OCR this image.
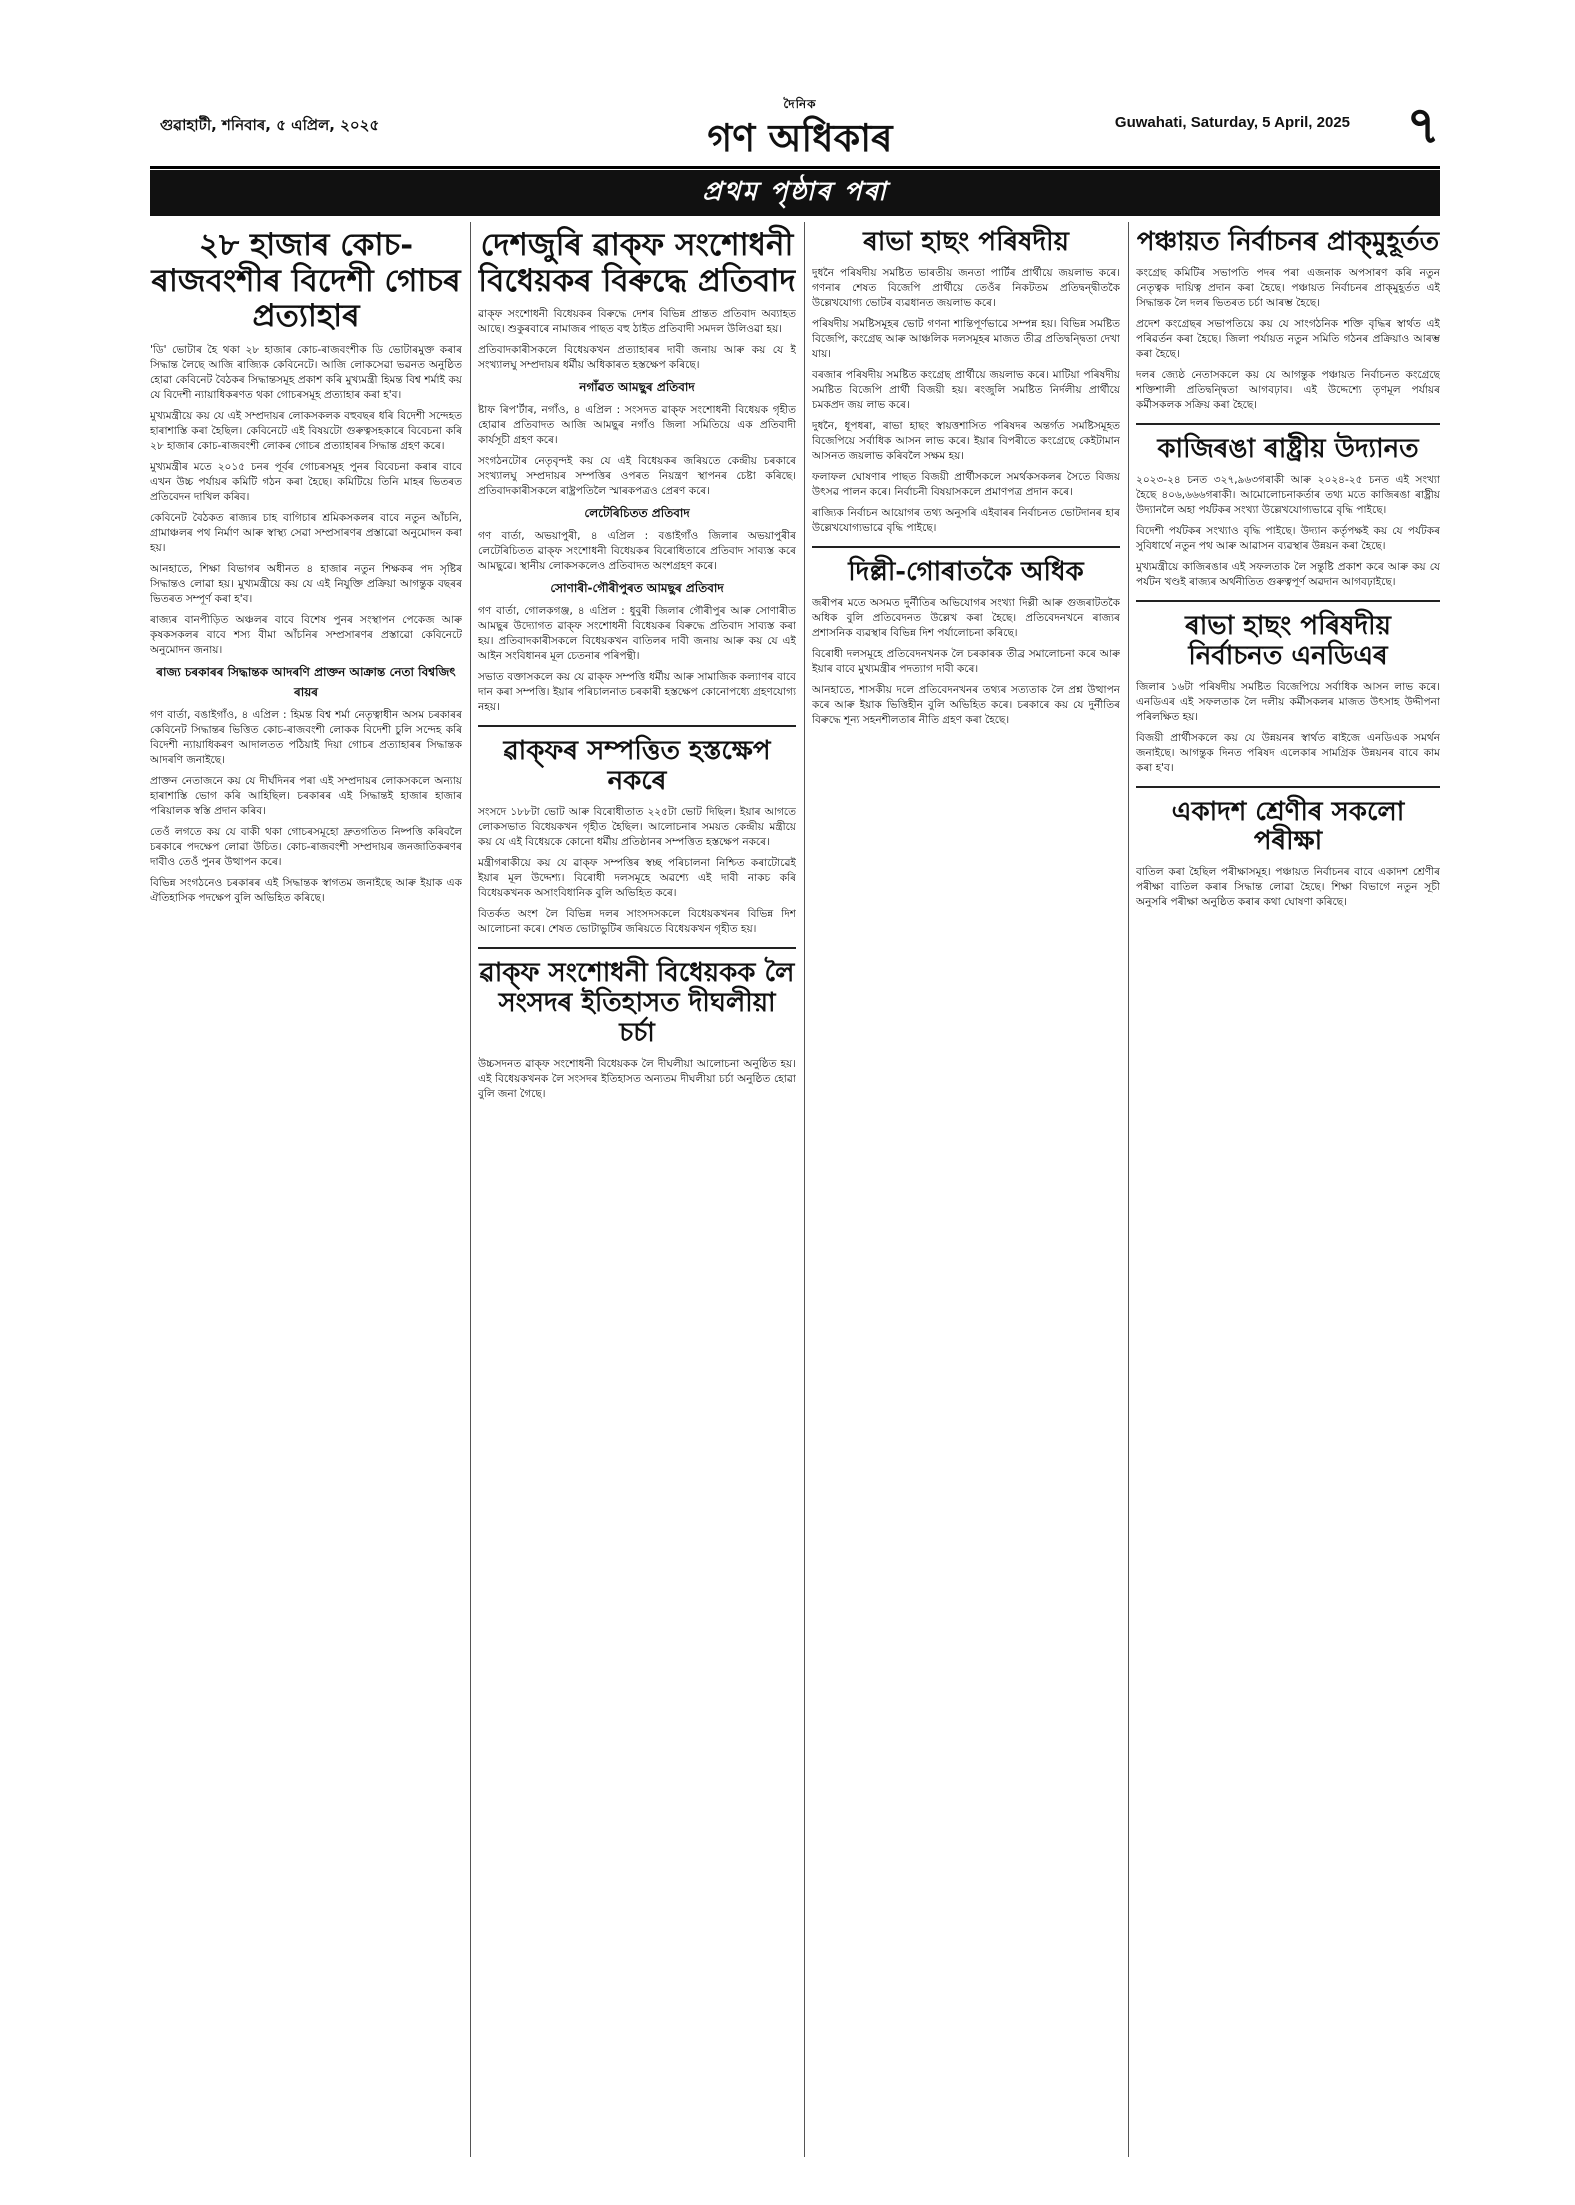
গুৱাহাটী, শনিবাৰ, ৫ এপ্ৰিল, ২০২৫
দৈনিক
গণ অধিকাৰ	Guwahati, Saturday, 5 April, 2025 ৭
প্ৰথম পৃষ্ঠাৰ পৰা
২৮ হাজাৰ কোচ-ৰাজবংশীৰ বিদেশী গোচৰ প্ৰত্যাহাৰ

'ডি' ভোটাৰ হৈ থকা ২৮ হাজাৰ কোচ-ৰাজবংশীক ডি ভোটাৰমুক্ত কৰাৰ সিদ্ধান্ত লৈছে আজি ৰাজ্যিক কেবিনেটে। আজি লোকসেৱা ভৱনত অনুষ্ঠিত হোৱা কেবিনেট বৈঠকৰ সিদ্ধান্তসমূহ প্ৰকাশ কৰি মুখ্যমন্ত্ৰী হিমন্ত বিশ্ব শৰ্মাই কয় যে বিদেশী ন্যায়াধিকৰণত থকা গোচৰসমূহ প্ৰত্যাহাৰ কৰা হ'ব।

মুখ্যমন্ত্ৰীয়ে কয় যে এই সম্প্ৰদায়ৰ লোকসকলক বহুবছৰ ধৰি বিদেশী সন্দেহত হাৰাশাস্তি কৰা হৈছিল। কেবিনেটে এই বিষয়টো গুৰুত্বসহকাৰে বিবেচনা কৰি ২৮ হাজাৰ কোচ-ৰাজবংশী লোকৰ গোচৰ প্ৰত্যাহাৰৰ সিদ্ধান্ত গ্ৰহণ কৰে।

মুখ্যমন্ত্ৰীৰ মতে ২০১৫ চনৰ পূৰ্বৰ গোচৰসমূহ পুনৰ বিবেচনা কৰাৰ বাবে এখন উচ্চ পৰ্যায়ৰ কমিটি গঠন কৰা হৈছে। কমিটিয়ে তিনি মাহৰ ভিতৰত প্ৰতিবেদন দাখিল কৰিব।

কেবিনেট বৈঠকত ৰাজ্যৰ চাহ বাগিচাৰ শ্ৰমিকসকলৰ বাবে নতুন আঁচনি, গ্ৰামাঞ্চলৰ পথ নিৰ্মাণ আৰু স্বাস্থ্য সেৱা সম্প্ৰসাৰণৰ প্ৰস্তাৱো অনুমোদন কৰা হয়।

আনহাতে, শিক্ষা বিভাগৰ অধীনত ৪ হাজাৰ নতুন শিক্ষকৰ পদ সৃষ্টিৰ সিদ্ধান্তও লোৱা হয়। মুখ্যমন্ত্ৰীয়ে কয় যে এই নিযুক্তি প্ৰক্ৰিয়া আগন্তুক বছৰৰ ভিতৰত সম্পূৰ্ণ কৰা হ'ব।

ৰাজ্যৰ বানপীড়িত অঞ্চলৰ বাবে বিশেষ পুনৰ সংস্থাপন পেকেজ আৰু কৃষকসকলৰ বাবে শস্য বীমা আঁচনিৰ সম্প্ৰসাৰণৰ প্ৰস্তাৱো কেবিনেটে অনুমোদন জনায়।

ৰাজ্য চৰকাৰৰ সিদ্ধান্তক আদৰণি প্ৰাক্তন আক্ৰান্ত নেতা বিশ্বজিৎ ৰায়ৰ

গণ বাৰ্তা, বঙাইগাঁও, ৪ এপ্ৰিল : হিমন্ত বিশ্ব শৰ্মা নেতৃত্বাধীন অসম চৰকাৰৰ কেবিনেট সিদ্ধান্তৰ ভিত্তিত কোচ-ৰাজবংশী লোকক বিদেশী চুলি সন্দেহ কৰি বিদেশী ন্যায়াধিকৰণ আদালতত পঠিয়াই দিয়া গোচৰ প্ৰত্যাহাৰৰ সিদ্ধান্তক আদৰণি জনাইছে।

প্ৰাক্তন নেতাজনে কয় যে দীৰ্ঘদিনৰ পৰা এই সম্প্ৰদায়ৰ লোকসকলে অন্যায় হাৰাশাস্তি ভোগ কৰি আহিছিল। চৰকাৰৰ এই সিদ্ধান্তই হাজাৰ হাজাৰ পৰিয়ালক স্বস্তি প্ৰদান কৰিব।

তেওঁ লগতে কয় যে বাকী থকা গোচৰসমূহো দ্ৰুতগতিত নিষ্পত্তি কৰিবলৈ চৰকাৰে পদক্ষেপ লোৱা উচিত। কোচ-ৰাজবংশী সম্প্ৰদায়ৰ জনজাতিকৰণৰ দাবীও তেওঁ পুনৰ উত্থাপন কৰে।

বিভিন্ন সংগঠনেও চৰকাৰৰ এই সিদ্ধান্তক স্বাগতম জনাইছে আৰু ইয়াক এক ঐতিহাসিক পদক্ষেপ বুলি অভিহিত কৰিছে।

দেশজুৰি ৱাক্‌ফ সংশোধনী বিধেয়কৰ বিৰুদ্ধে প্ৰতিবাদ

ৱাক্‌ফ সংশোধনী বিধেয়কৰ বিৰুদ্ধে দেশৰ বিভিন্ন প্ৰান্তত প্ৰতিবাদ অব্যাহত আছে। শুকুৰবাৰে নামাজৰ পাছত বহু ঠাইত প্ৰতিবাদী সমদল উলিওৱা হয়।

প্ৰতিবাদকাৰীসকলে বিধেয়কখন প্ৰত্যাহাৰৰ দাবী জনায় আৰু কয় যে ই সংখ্যালঘু সম্প্ৰদায়ৰ ধৰ্মীয় অধিকাৰত হস্তক্ষেপ কৰিছে।

নগাঁৱত আমছুৰ প্ৰতিবাদ

ষ্টাফ ৰিপ'ৰ্টাৰ, নগাঁও, ৪ এপ্ৰিল : সংসদত ৱাক্‌ফ সংশোধনী বিধেয়ক গৃহীত হোৱাৰ প্ৰতিবাদত আজি আমছুৰ নগাঁও জিলা সমিতিয়ে এক প্ৰতিবাদী কাৰ্যসূচী গ্ৰহণ কৰে।

সংগঠনটোৰ নেতৃবৃন্দই কয় যে এই বিধেয়কৰ জৰিয়তে কেন্দ্ৰীয় চৰকাৰে সংখ্যালঘু সম্প্ৰদায়ৰ সম্পত্তিৰ ওপৰত নিয়ন্ত্ৰণ স্থাপনৰ চেষ্টা কৰিছে। প্ৰতিবাদকাৰীসকলে ৰাষ্ট্ৰপতিলৈ স্মাৰকপত্ৰও প্ৰেৰণ কৰে।

লেটেৰিচিতত প্ৰতিবাদ

গণ বাৰ্তা, অভয়াপুৰী, ৪ এপ্ৰিল : বঙাইগাঁও জিলাৰ অভয়াপুৰীৰ লেটেৰিচিতত ৱাক্‌ফ সংশোধনী বিধেয়কৰ বিৰোধিতাৰে প্ৰতিবাদ সাব্যস্ত কৰে আমছুৱে। স্থানীয় লোকসকলেও প্ৰতিবাদত অংশগ্ৰহণ কৰে।

সোণাৰী-গৌৰীপুৰত আমছুৰ প্ৰতিবাদ

গণ বাৰ্তা, গোলকগঞ্জ, ৪ এপ্ৰিল : ধুবুৰী জিলাৰ গৌৰীপুৰ আৰু সোণাৰীত আমছুৰ উদ্যোগত ৱাক্‌ফ সংশোধনী বিধেয়কৰ বিৰুদ্ধে প্ৰতিবাদ সাব্যস্ত কৰা হয়। প্ৰতিবাদকাৰীসকলে বিধেয়কখন বাতিলৰ দাবী জনায় আৰু কয় যে এই আইন সংবিধানৰ মূল চেতনাৰ পৰিপন্থী।

সভাত বক্তাসকলে কয় যে ৱাক্‌ফ সম্পত্তি ধৰ্মীয় আৰু সামাজিক কল্যাণৰ বাবে দান কৰা সম্পত্তি। ইয়াৰ পৰিচালনাত চৰকাৰী হস্তক্ষেপ কোনোপধ্যে গ্ৰহণযোগ্য নহয়।

ৱাক্‌ফৰ সম্পত্তিত হস্তক্ষেপ নকৰে

সংসদে ১৮৮টা ভোট আৰু বিৰোধীতাত ২২৫টা ভোট দিছিল। ইয়াৰ আগতে লোকসভাত বিধেয়কখন গৃহীত হৈছিল। আলোচনাৰ সময়ত কেন্দ্ৰীয় মন্ত্ৰীয়ে কয় যে এই বিধেয়কে কোনো ধৰ্মীয় প্ৰতিষ্ঠানৰ সম্পত্তিত হস্তক্ষেপ নকৰে।

মন্ত্ৰীগৰাকীয়ে কয় যে ৱাক্‌ফ সম্পত্তিৰ স্বচ্ছ পৰিচালনা নিশ্চিত কৰাটোৱেই ইয়াৰ মূল উদ্দেশ্য। বিৰোধী দলসমূহে অৱশ্যে এই দাবী নাকচ কৰি বিধেয়কখনক অসাংবিধানিক বুলি অভিহিত কৰে।

বিতৰ্কত অংশ লৈ বিভিন্ন দলৰ সাংসদসকলে বিধেয়কখনৰ বিভিন্ন দিশ আলোচনা কৰে। শেষত ভোটাভুটিৰ জৰিয়তে বিধেয়কখন গৃহীত হয়।

ৱাক্‌ফ সংশোধনী বিধেয়কক লৈ সংসদৰ ইতিহাসত দীঘলীয়া চৰ্চা

উচ্চসদনত ৱাক্‌ফ সংশোধনী বিধেয়কক লৈ দীঘলীয়া আলোচনা অনুষ্ঠিত হয়। এই বিধেয়কখনক লৈ সংসদৰ ইতিহাসত অন্যতম দীঘলীয়া চৰ্চা অনুষ্ঠিত হোৱা বুলি জনা গৈছে।

ৰাভা হাছং পৰিষদীয়

দুধনৈ পৰিষদীয় সমষ্টিত ভাৰতীয় জনতা পাৰ্টিৰ প্ৰাৰ্থীয়ে জয়লাভ কৰে। গণনাৰ শেষত বিজেপি প্ৰাৰ্থীয়ে তেওঁৰ নিকটতম প্ৰতিদ্বন্দ্বীতকৈ উল্লেখযোগ্য ভোটৰ ব্যৱধানত জয়লাভ কৰে।

পৰিষদীয় সমষ্টিসমূহৰ ভোট গণনা শান্তিপূৰ্ণভাৱে সম্পন্ন হয়। বিভিন্ন সমষ্টিত বিজেপি, কংগ্ৰেছ আৰু আঞ্চলিক দলসমূহৰ মাজত তীব্ৰ প্ৰতিদ্বন্দ্বিতা দেখা যায়।

বৰজাৰ পৰিষদীয় সমষ্টিত কংগ্ৰেছ প্ৰাৰ্থীয়ে জয়লাভ কৰে। মাটিয়া পৰিষদীয় সমষ্টিত বিজেপি প্ৰাৰ্থী বিজয়ী হয়। ৰংজুলি সমষ্টিত নিৰ্দলীয় প্ৰাৰ্থীয়ে চমকপ্ৰদ জয় লাভ কৰে।

দুধনৈ, ধূপধৰা, ৰাভা হাছং স্বায়ত্তশাসিত পৰিষদৰ অন্তৰ্গত সমষ্টিসমূহত বিজেপিয়ে সৰ্বাধিক আসন লাভ কৰে। ইয়াৰ বিপৰীতে কংগ্ৰেছে কেইটামান আসনত জয়লাভ কৰিবলৈ সক্ষম হয়।

ফলাফল ঘোষণাৰ পাছত বিজয়ী প্ৰাৰ্থীসকলে সমৰ্থকসকলৰ সৈতে বিজয় উৎসৱ পালন কৰে। নিৰ্বাচনী বিষয়াসকলে প্ৰমাণপত্ৰ প্ৰদান কৰে।

ৰাজ্যিক নিৰ্বাচন আয়োগৰ তথ্য অনুসৰি এইবাৰৰ নিৰ্বাচনত ভোটদানৰ হাৰ উল্লেখযোগ্যভাৱে বৃদ্ধি পাইছে।

দিল্লী-গোৰাতকৈ অধিক

জৰীপৰ মতে অসমত দুৰ্নীতিৰ অভিযোগৰ সংখ্যা দিল্লী আৰু গুজৰাটতকৈ অধিক বুলি প্ৰতিবেদনত উল্লেখ কৰা হৈছে। প্ৰতিবেদনখনে ৰাজ্যৰ প্ৰশাসনিক ব্যৱস্থাৰ বিভিন্ন দিশ পৰ্যালোচনা কৰিছে।

বিৰোধী দলসমূহে প্ৰতিবেদনখনক লৈ চৰকাৰক তীব্ৰ সমালোচনা কৰে আৰু ইয়াৰ বাবে মুখ্যমন্ত্ৰীৰ পদত্যাগ দাবী কৰে।

আনহাতে, শাসকীয় দলে প্ৰতিবেদনখনৰ তথ্যৰ সত্যতাক লৈ প্ৰশ্ন উত্থাপন কৰে আৰু ইয়াক ভিত্তিহীন বুলি অভিহিত কৰে। চৰকাৰে কয় যে দুৰ্নীতিৰ বিৰুদ্ধে শূন্য সহনশীলতাৰ নীতি গ্ৰহণ কৰা হৈছে।

পঞ্চায়ত নিৰ্বাচনৰ প্ৰাক্‌মুহূৰ্তত

কংগ্ৰেছ কমিটিৰ সভাপতি পদৰ পৰা এজনাক অপসাৰণ কৰি নতুন নেতৃত্বক দায়িত্ব প্ৰদান কৰা হৈছে। পঞ্চায়ত নিৰ্বাচনৰ প্ৰাক্‌মুহূৰ্তত এই সিদ্ধান্তক লৈ দলৰ ভিতৰত চৰ্চা আৰম্ভ হৈছে।

প্ৰদেশ কংগ্ৰেছৰ সভাপতিয়ে কয় যে সাংগঠনিক শক্তি বৃদ্ধিৰ স্বাৰ্থত এই পৰিৱৰ্তন কৰা হৈছে। জিলা পৰ্যায়ত নতুন সমিতি গঠনৰ প্ৰক্ৰিয়াও আৰম্ভ কৰা হৈছে।

দলৰ জ্যেষ্ঠ নেতাসকলে কয় যে আগন্তুক পঞ্চায়ত নিৰ্বাচনত কংগ্ৰেছে শক্তিশালী প্ৰতিদ্বন্দ্বিতা আগবঢ়াব। এই উদ্দেশ্যে তৃণমূল পৰ্যায়ৰ কৰ্মীসকলক সক্ৰিয় কৰা হৈছে।

কাজিৰঙা ৰাষ্ট্ৰীয় উদ্যানত

২০২৩-২৪ চনত ৩২৭,৯৬৩গৰাকী আৰু ২০২৪-২৫ চনত এই সংখ্যা হৈছে ৪০৬,৬৬৬গৰাকী। আমোলোচনাকৰ্তাৰ তথ্য মতে কাজিৰঙা ৰাষ্ট্ৰীয় উদ্যানলৈ অহা পৰ্যটকৰ সংখ্যা উল্লেখযোগ্যভাৱে বৃদ্ধি পাইছে।

বিদেশী পৰ্যটকৰ সংখ্যাও বৃদ্ধি পাইছে। উদ্যান কৰ্তৃপক্ষই কয় যে পৰ্যটকৰ সুবিধাৰ্থে নতুন পথ আৰু আৱাসন ব্যৱস্থাৰ উন্নয়ন কৰা হৈছে।

মুখ্যমন্ত্ৰীয়ে কাজিৰঙাৰ এই সফলতাক লৈ সন্তুষ্টি প্ৰকাশ কৰে আৰু কয় যে পৰ্যটন খণ্ডই ৰাজ্যৰ অৰ্থনীতিত গুৰুত্বপূৰ্ণ অৱদান আগবঢ়াইছে।

ৰাভা হাছং পৰিষদীয় নিৰ্বাচনত এনডিএৰ

জিলাৰ ১৬টা পৰিষদীয় সমষ্টিত বিজেপিয়ে সৰ্বাধিক আসন লাভ কৰে। এনডিএৰ এই সফলতাক লৈ দলীয় কৰ্মীসকলৰ মাজত উৎসাহ উদ্দীপনা পৰিলক্ষিত হয়।

বিজয়ী প্ৰাৰ্থীসকলে কয় যে উন্নয়নৰ স্বাৰ্থত ৰাইজে এনডিএক সমৰ্থন জনাইছে। আগন্তুক দিনত পৰিষদ এলেকাৰ সামগ্ৰিক উন্নয়নৰ বাবে কাম কৰা হ'ব।

একাদশ শ্ৰেণীৰ সকলো পৰীক্ষা

বাতিল কৰা হৈছিল পৰীক্ষাসমূহ। পঞ্চায়ত নিৰ্বাচনৰ বাবে একাদশ শ্ৰেণীৰ পৰীক্ষা বাতিল কৰাৰ সিদ্ধান্ত লোৱা হৈছে। শিক্ষা বিভাগে নতুন সূচী অনুসৰি পৰীক্ষা অনুষ্ঠিত কৰাৰ কথা ঘোষণা কৰিছে।
